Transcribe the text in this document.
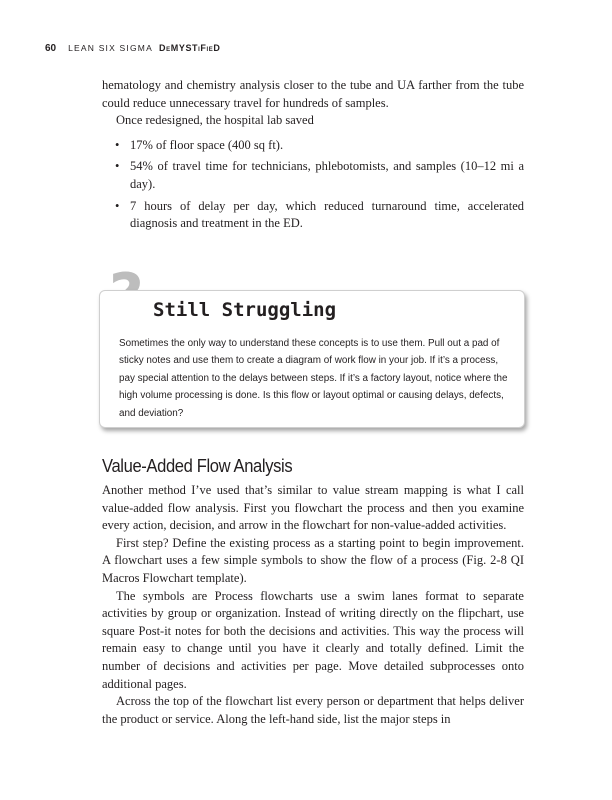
60 LEAN SIX SIGMA DeMYSTiFieD

hematology and chemistry analysis closer to the tube and UA farther from the tube could reduce unnecessary travel for hundreds of samples.

Once redesigned, the hospital lab saved

• 17% of floor space (400 sq ft).
• 54% of travel time for technicians, phlebotomists, and samples (10–12 mi a day).
• 7 hours of delay per day, which reduced turnaround time, accelerated diagnosis and treatment in the ED.
Still Struggling
Sometimes the only way to understand these concepts is to use them. Pull out a pad of sticky notes and use them to create a diagram of work flow in your job. If it’s a process, pay special attention to the delays between steps. If it’s a factory layout, notice where the high volume processing is done. Is this flow or layout optimal or causing delays, defects, and deviation?
Value-Added Flow Analysis

Another method I’ve used that’s similar to value stream mapping is what I call value-added flow analysis. First you flowchart the process and then you examine every action, decision, and arrow in the flowchart for non-value-added activities.

First step? Define the existing process as a starting point to begin improvement. A flowchart uses a few simple symbols to show the flow of a process (Fig. 2-8 QI Macros Flowchart template).

The symbols are Process flowcharts use a swim lanes format to separate activities by group or organization. Instead of writing directly on the flipchart, use square Post-it notes for both the decisions and activities. This way the process will remain easy to change until you have it clearly and totally defined. Limit the number of decisions and activities per page. Move detailed subprocesses onto additional pages.

Across the top of the flowchart list every person or department that helps deliver the product or service. Along the left-hand side, list the major steps in
